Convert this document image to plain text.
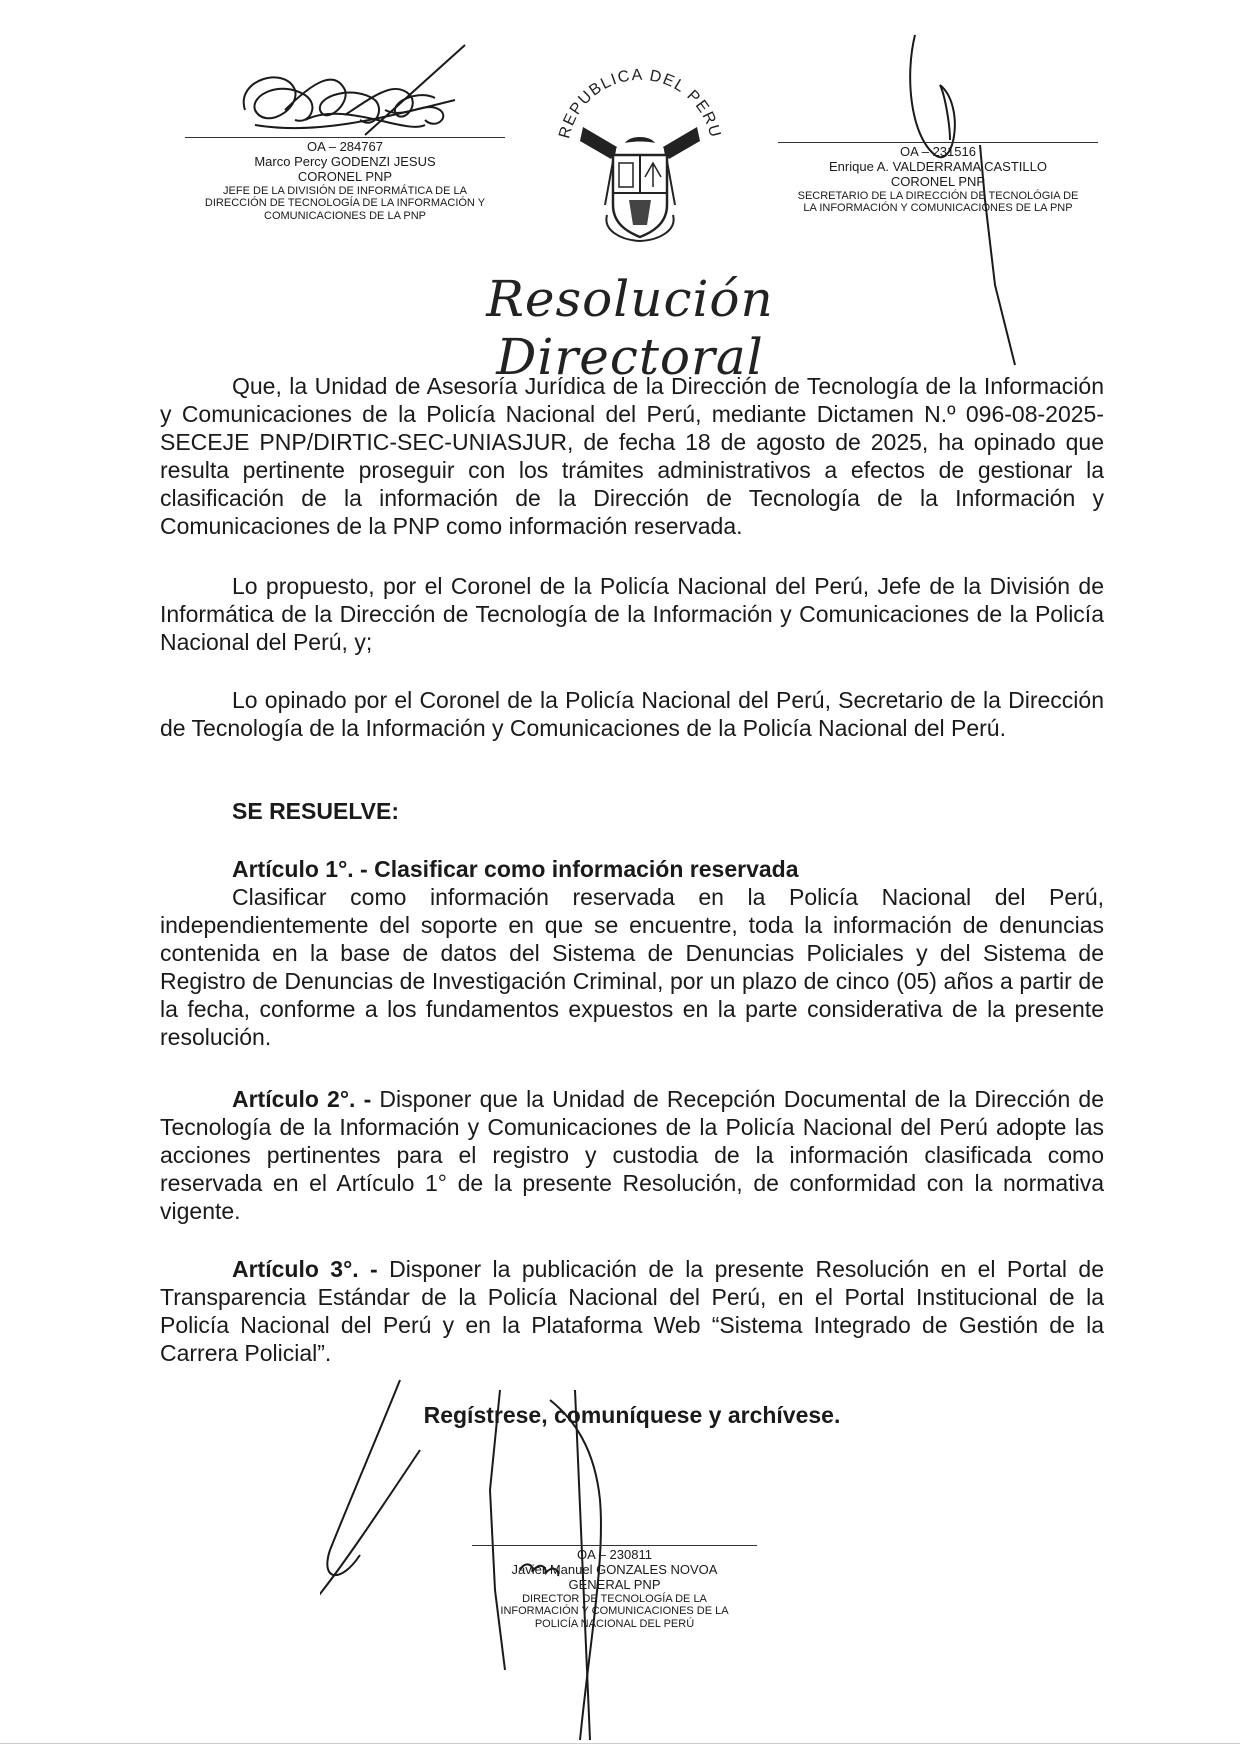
OA – 284767
Marco Percy GODENZI JESUS
CORONEL PNP
JEFE DE LA DIVISIÓN DE INFORMÁTICA DE LA
DIRECCIÓN DE TECNOLOGÍA DE LA INFORMACIÓN Y
COMUNICACIONES DE LA PNP
REPUBLICA DEL PERU
OA – 231516
Enrique A. VALDERRAMA CASTILLO
CORONEL PNP
SECRETARIO DE LA DIRECCIÓN DE TECNOLÓGIA DE
LA INFORMACIÓN Y COMUNICACIONES DE LA PNP
Resolución Directoral
Que, la Unidad de Asesoría Jurídica de la Dirección de Tecnología de la Información y Comunicaciones de la Policía Nacional del Perú, mediante Dictamen N.º 096-08-2025-SECEJE PNP/DIRTIC-SEC-UNIASJUR, de fecha 18 de agosto de 2025, ha opinado que resulta pertinente proseguir con los trámites administrativos a efectos de gestionar la clasificación de la información de la Dirección de Tecnología de la Información y Comunicaciones de la PNP como información reservada.
Lo propuesto, por el Coronel de la Policía Nacional del Perú, Jefe de la División de Informática de la Dirección de Tecnología de la Información y Comunicaciones de la Policía Nacional del Perú, y;
Lo opinado por el Coronel de la Policía Nacional del Perú, Secretario de la Dirección de Tecnología de la Información y Comunicaciones de la Policía Nacional del Perú.
SE RESUELVE:
Artículo 1°. - Clasificar como información reservada
Clasificar como información reservada en la Policía Nacional del Perú, independientemente del soporte en que se encuentre, toda la información de denuncias contenida en la base de datos del Sistema de Denuncias Policiales y del Sistema de Registro de Denuncias de Investigación Criminal, por un plazo de cinco (05) años a partir de la fecha, conforme a los fundamentos expuestos en la parte considerativa de la presente resolución.
Artículo 2°. - Disponer que la Unidad de Recepción Documental de la Dirección de Tecnología de la Información y Comunicaciones de la Policía Nacional del Perú adopte las acciones pertinentes para el registro y custodia de la información clasificada como reservada en el Artículo 1° de la presente Resolución, de conformidad con la normativa vigente.
Artículo 3°. - Disponer la publicación de la presente Resolución en el Portal de Transparencia Estándar de la Policía Nacional del Perú, en el Portal Institucional de la Policía Nacional del Perú y en la Plataforma Web “Sistema Integrado de Gestión de la Carrera Policial”.
Regístrese, comuníquese y archívese.
OA – 230811
Javier Manuel GONZALES NOVOA
GENERAL PNP
DIRECTOR DE TECNOLOGÍA DE LA
INFORMACIÓN Y COMUNICACIONES DE LA
POLICÍA NACIONAL DEL PERÚ
